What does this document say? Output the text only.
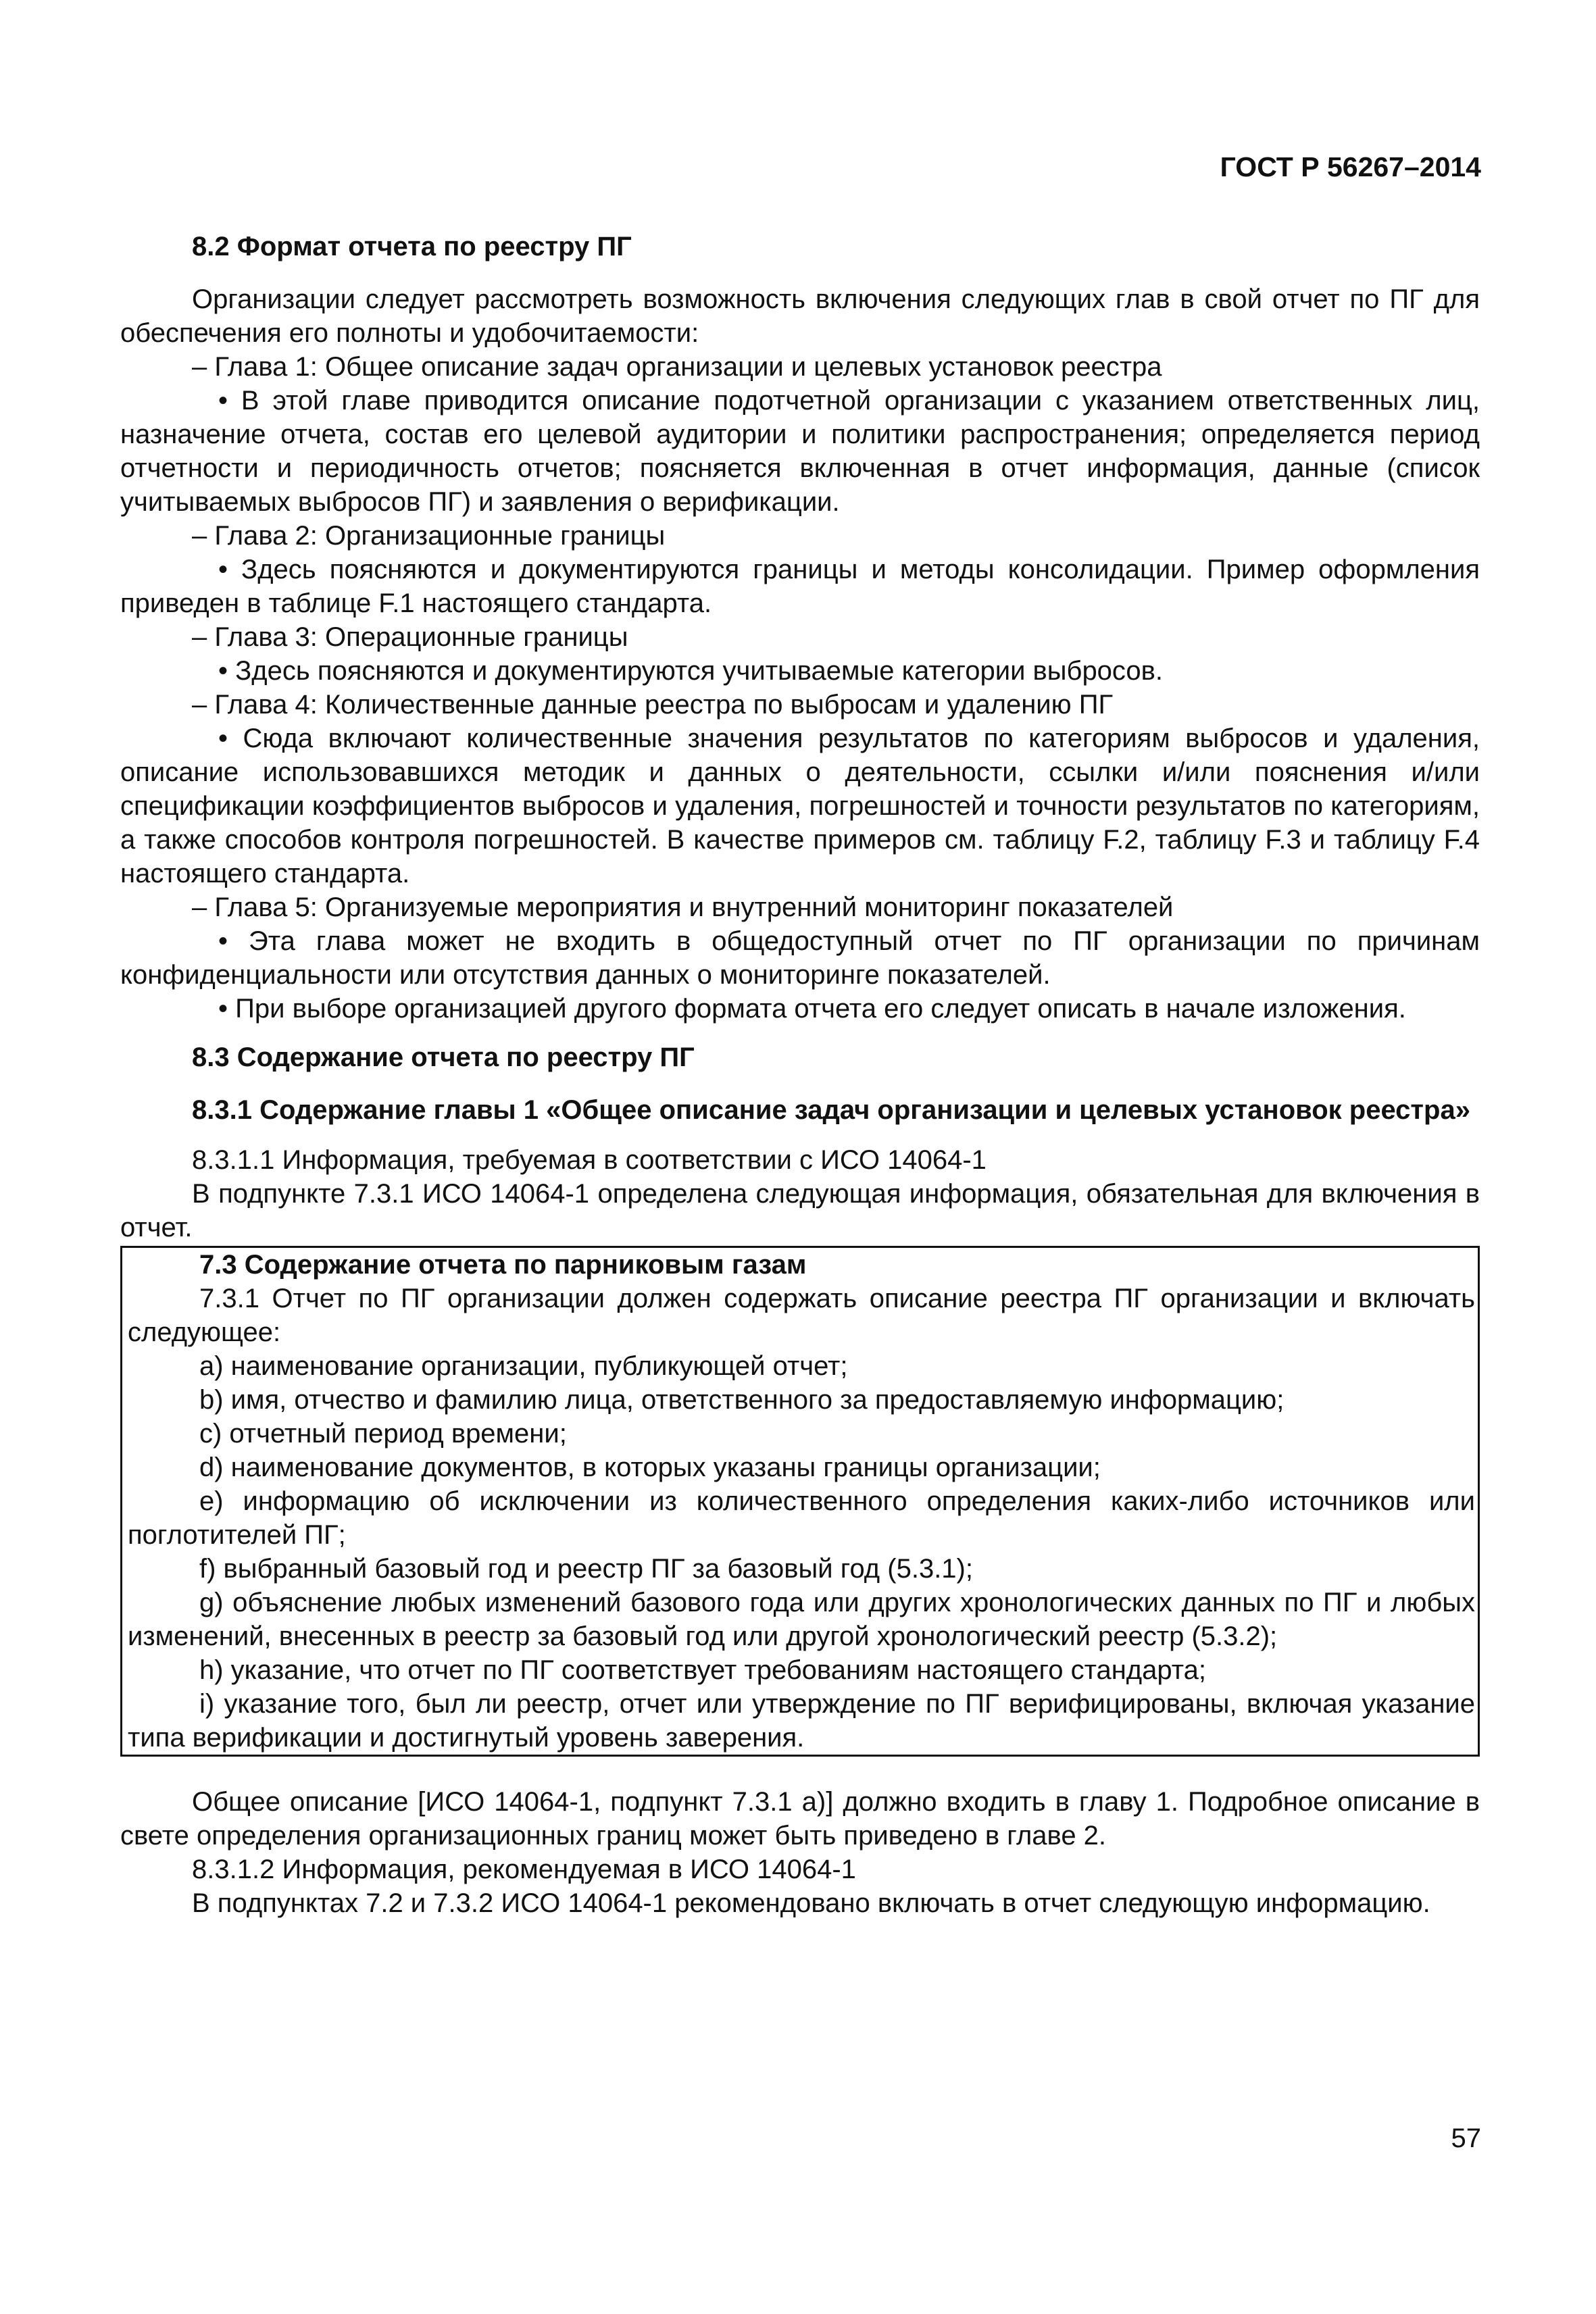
ГОСТ Р 56267–2014
8.2 Формат отчета по реестру ПГ
Организации следует рассмотреть возможность включения следующих глав в свой отчет по ПГ для обеспечения его полноты и удобочитаемости:
– Глава 1: Общее описание задач организации и целевых установок реестра
• В этой главе приводится описание подотчетной организации с указанием ответственных лиц, назначение отчета, состав его целевой аудитории и политики распространения; определяется период отчетности и периодичность отчетов; поясняется включенная в отчет информация, данные (список учитываемых выбросов ПГ) и заявления о верификации.
– Глава 2: Организационные границы
• Здесь поясняются и документируются границы и методы консолидации. Пример оформления приведен в таблице F.1 настоящего стандарта.
– Глава 3: Операционные границы
• Здесь поясняются и документируются учитываемые категории выбросов.
– Глава 4: Количественные данные реестра по выбросам и удалению ПГ
• Сюда включают количественные значения результатов по категориям выбросов и удаления, описание использовавшихся методик и данных о деятельности, ссылки и/или пояснения и/или спецификации коэффициентов выбросов и удаления, погрешностей и точности результатов по категориям, а также способов контроля погрешностей. В качестве примеров см. таблицу F.2, таблицу F.3 и таблицу F.4 настоящего стандарта.
– Глава 5: Организуемые мероприятия и внутренний мониторинг показателей
• Эта глава может не входить в общедоступный отчет по ПГ организации по причинам конфиденциальности или отсутствия данных о мониторинге показателей.
• При выборе организацией другого формата отчета его следует описать в начале изложения.
8.3 Содержание отчета по реестру ПГ
8.3.1 Содержание главы 1 «Общее описание задач организации и целевых установок реестра»
8.3.1.1 Информация, требуемая в соответствии с ИСО 14064-1
В подпункте 7.3.1 ИСО 14064-1 определена следующая информация, обязательная для включения в отчет.
7.3 Содержание отчета по парниковым газам
7.3.1 Отчет по ПГ организации должен содержать описание реестра ПГ организации и включать следующее:
a) наименование организации, публикующей отчет;
b) имя, отчество и фамилию лица, ответственного за предоставляемую информацию;
c) отчетный период времени;
d) наименование документов, в которых указаны границы организации;
e) информацию об исключении из количественного определения каких-либо источников или поглотителей ПГ;
f) выбранный базовый год и реестр ПГ за базовый год (5.3.1);
g) объяснение любых изменений базового года или других хронологических данных по ПГ и любых изменений, внесенных в реестр за базовый год или другой хронологический реестр (5.3.2);
h) указание, что отчет по ПГ соответствует требованиям настоящего стандарта;
i) указание того, был ли реестр, отчет или утверждение по ПГ верифицированы, включая указание типа верификации и достигнутый уровень заверения.
Общее описание [ИСО 14064-1, подпункт 7.3.1 а)] должно входить в главу 1. Подробное описание в свете определения организационных границ может быть приведено в главе 2.
8.3.1.2 Информация, рекомендуемая в ИСО 14064-1
В подпунктах 7.2 и 7.3.2 ИСО 14064-1 рекомендовано включать в отчет следующую информацию.
57
